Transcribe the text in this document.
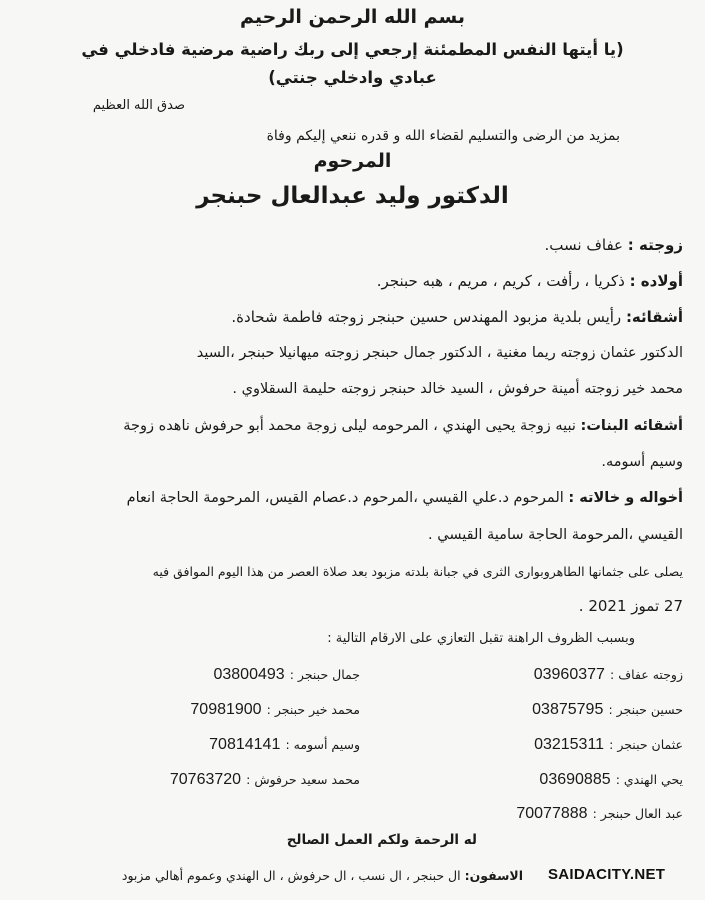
بسم الله الرحمن الرحيم
(يا أيتها النفس المطمئنة إرجعي إلى ربك راضية مرضية فادخلي في
عبادي وادخلي جنتي)
صدق الله العظيم
بمزيد من الرضى والتسليم لقضاء الله و قدره ننعي إليكم وفاة
المرحوم
الدكتور وليد عبدالعال حبنجر
زوجته : عفاف نسب.
أولاده : ذكريا ، رأفت ، كريم ، مريم ، هبه حبنجر.
أشقائه: رأيس بلدية مزبود المهندس حسين حبنجر زوجته فاطمة شحادة.
الدكتور عثمان زوجته ريما مغنية ، الدكتور جمال حبنجر زوجته ميهانيلا حبنجر ،السيد
محمد خير زوجته أمينة حرفوش ، السيد خالد حبنجر زوجته حليمة السقلاوي .
أشقائه البنات: نبيه زوجة يحيى الهندي ، المرحومه ليلى زوجة محمد أبو حرفوش ناهده زوجة
وسيم أسومه.
أخواله و خالاته : المرحوم د.علي القيسي ،المرحوم د.عصام القيس، المرحومة الحاجة انعام
القيسي ،المرحومة الحاجة سامية القيسي .
يصلى على جثمانها الطاهروبوارى الثرى في جبانة بلدته مزبود بعد صلاة العصر من هذا اليوم الموافق فيه
27 تموز 2021 .
وبسبب الظروف الراهنة تقبل التعازي على الارقام التالية :
زوجته عفاف : 03960377
حسين حبنجر : 03875795
عثمان حبنجر : 03215311
يحي الهندي : 03690885
عبد العال حبنجر : 70077888
جمال حبنجر : 03800493
محمد خير حبنجر : 70981900
وسيم أسومه : 70814141
محمد سعيد حرفوش : 70763720
له الرحمة ولكم العمل الصالح
الاسفون: ال حبنجر ، ال نسب ، ال حرفوش ، ال الهندي وعموم أهالي مزبود	SAIDACITY.NET
